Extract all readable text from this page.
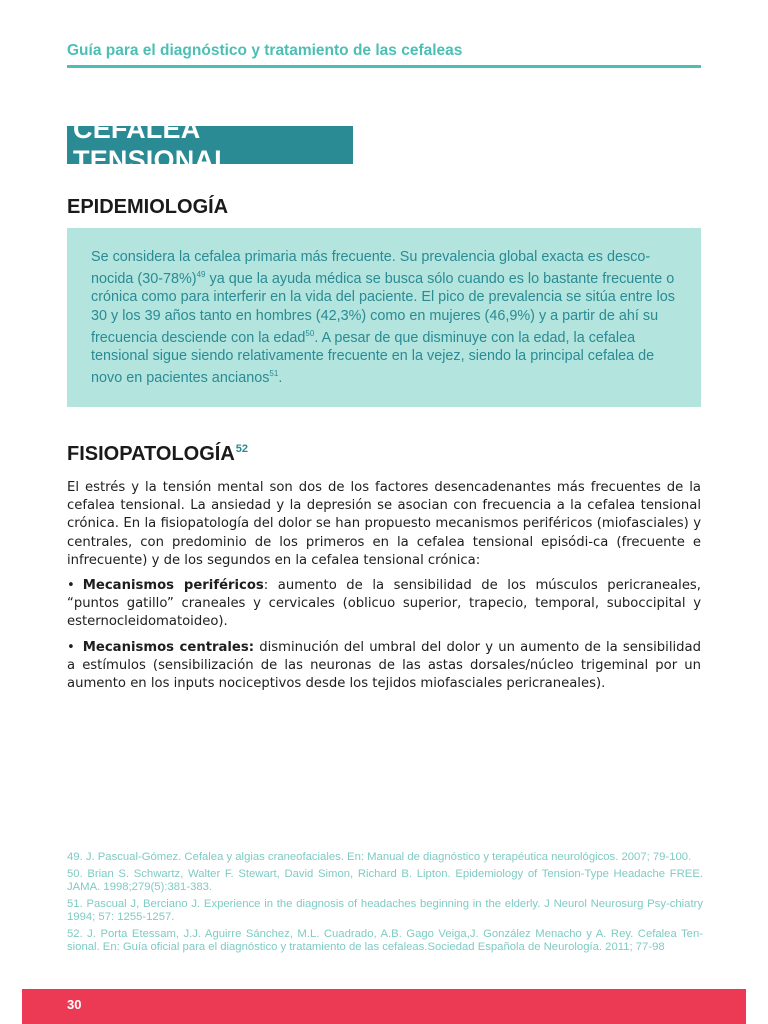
Guía para el diagnóstico y tratamiento de las cefaleas
CEFALEA TENSIONAL
EPIDEMIOLOGÍA

Se considera la cefalea primaria más frecuente. Su prevalencia global exacta es desco-nocida $(30-78\%)^{49}$ ya que la ayuda médica se busca sólo cuando es lo bastante frecuente o crónica como para interferir en la vida del paciente. El pico de prevalencia se sitúa entre los 30 y los 39 años tanto en hombres (42,3%) como en mujeres (46,9%) y a partir de ahí su frecuencia desciende con la edad$^{50}$. A pesar de que disminuye con la edad, la cefalea tensional sigue siendo relativamente frecuente en la vejez, siendo la principal cefalea de novo en pacientes ancianos$^{51}$.

FISIOPATOLOGÍA$^{52}$

El estrés y la tensión mental son dos de los factores desencadenantes más frecuentes de la cefalea tensional. La ansiedad y la depresión se asocian con frecuencia a la cefalea tensional crónica. En la fisiopatología del dolor se han propuesto mecanismos periféricos (miofasciales) y centrales, con predominio de los primeros en la cefalea tensional episódi-ca (frecuente e infrecuente) y de los segundos en la cefalea tensional crónica:

• Mecanismos periféricos: aumento de la sensibilidad de los músculos pericraneales, “puntos gatillo” craneales y cervicales (oblicuo superior, trapecio, temporal, suboccipital y esternocleidomatoideo).

• Mecanismos centrales: disminución del umbral del dolor y un aumento de la sensibilidad a estímulos (sensibilización de las neuronas de las astas dorsales/núcleo trigeminal por un aumento en los inputs nociceptivos desde los tejidos miofasciales pericraneales).

49. J. Pascual-Gómez. Cefalea y algias craneofaciales. En: Manual de diagnóstico y terapéutica neurológicos. 2007; 79-100.

50. Brian S. Schwartz, Walter F. Stewart, David Simon, Richard B. Lipton. Epidemiology of Tension-Type Headache FREE. JAMA. 1998;279(5):381-383.

51. Pascual J, Berciano J. Experience in the diagnosis of headaches beginning in the elderly. J Neurol Neurosurg Psy-chiatry 1994; 57: 1255-1257.

52. J. Porta Etessam, J.J. Aguirre Sánchez, M.L. Cuadrado, A.B. Gago Veiga,J. González Menacho y A. Rey. Cefalea Ten-sional. En: Guía oficial para el diagnóstico y tratamiento de las cefaleas.Sociedad Española de Neurología. 2011; 77-98

30
